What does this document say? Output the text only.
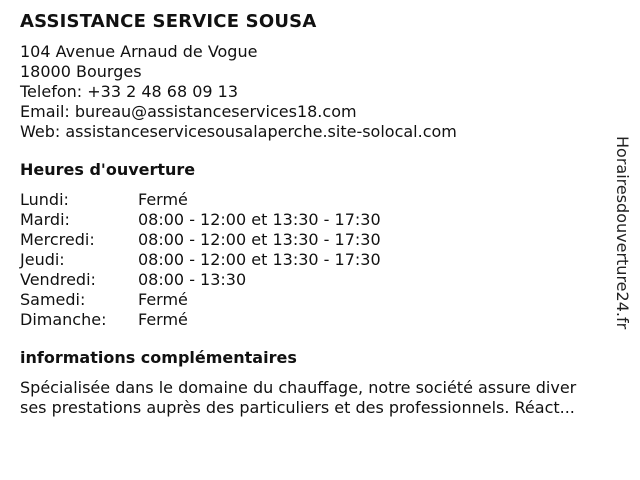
ASSISTANCE SERVICE SOUSA
104 Avenue Arnaud de Vogue
18000 Bourges
Telefon: +33 2 48 68 09 13
Email: bureau@assistanceservices18.com
Web: assistanceservicesousalaperche.site-solocal.com
Heures d'ouverture
Lundi:	Fermé
Mardi:	08:00 - 12:00 et 13:30 - 17:30
Mercredi:	08:00 - 12:00 et 13:30 - 17:30
Jeudi:	08:00 - 12:00 et 13:30 - 17:30
Vendredi:	08:00 - 13:30
Samedi:	Fermé
Dimanche:	Fermé
informations complémentaires
Spécialisée dans le domaine du chauffage, notre société assure diver
ses prestations auprès des particuliers et des professionnels. Réact...
Horairesdouverture24.fr
